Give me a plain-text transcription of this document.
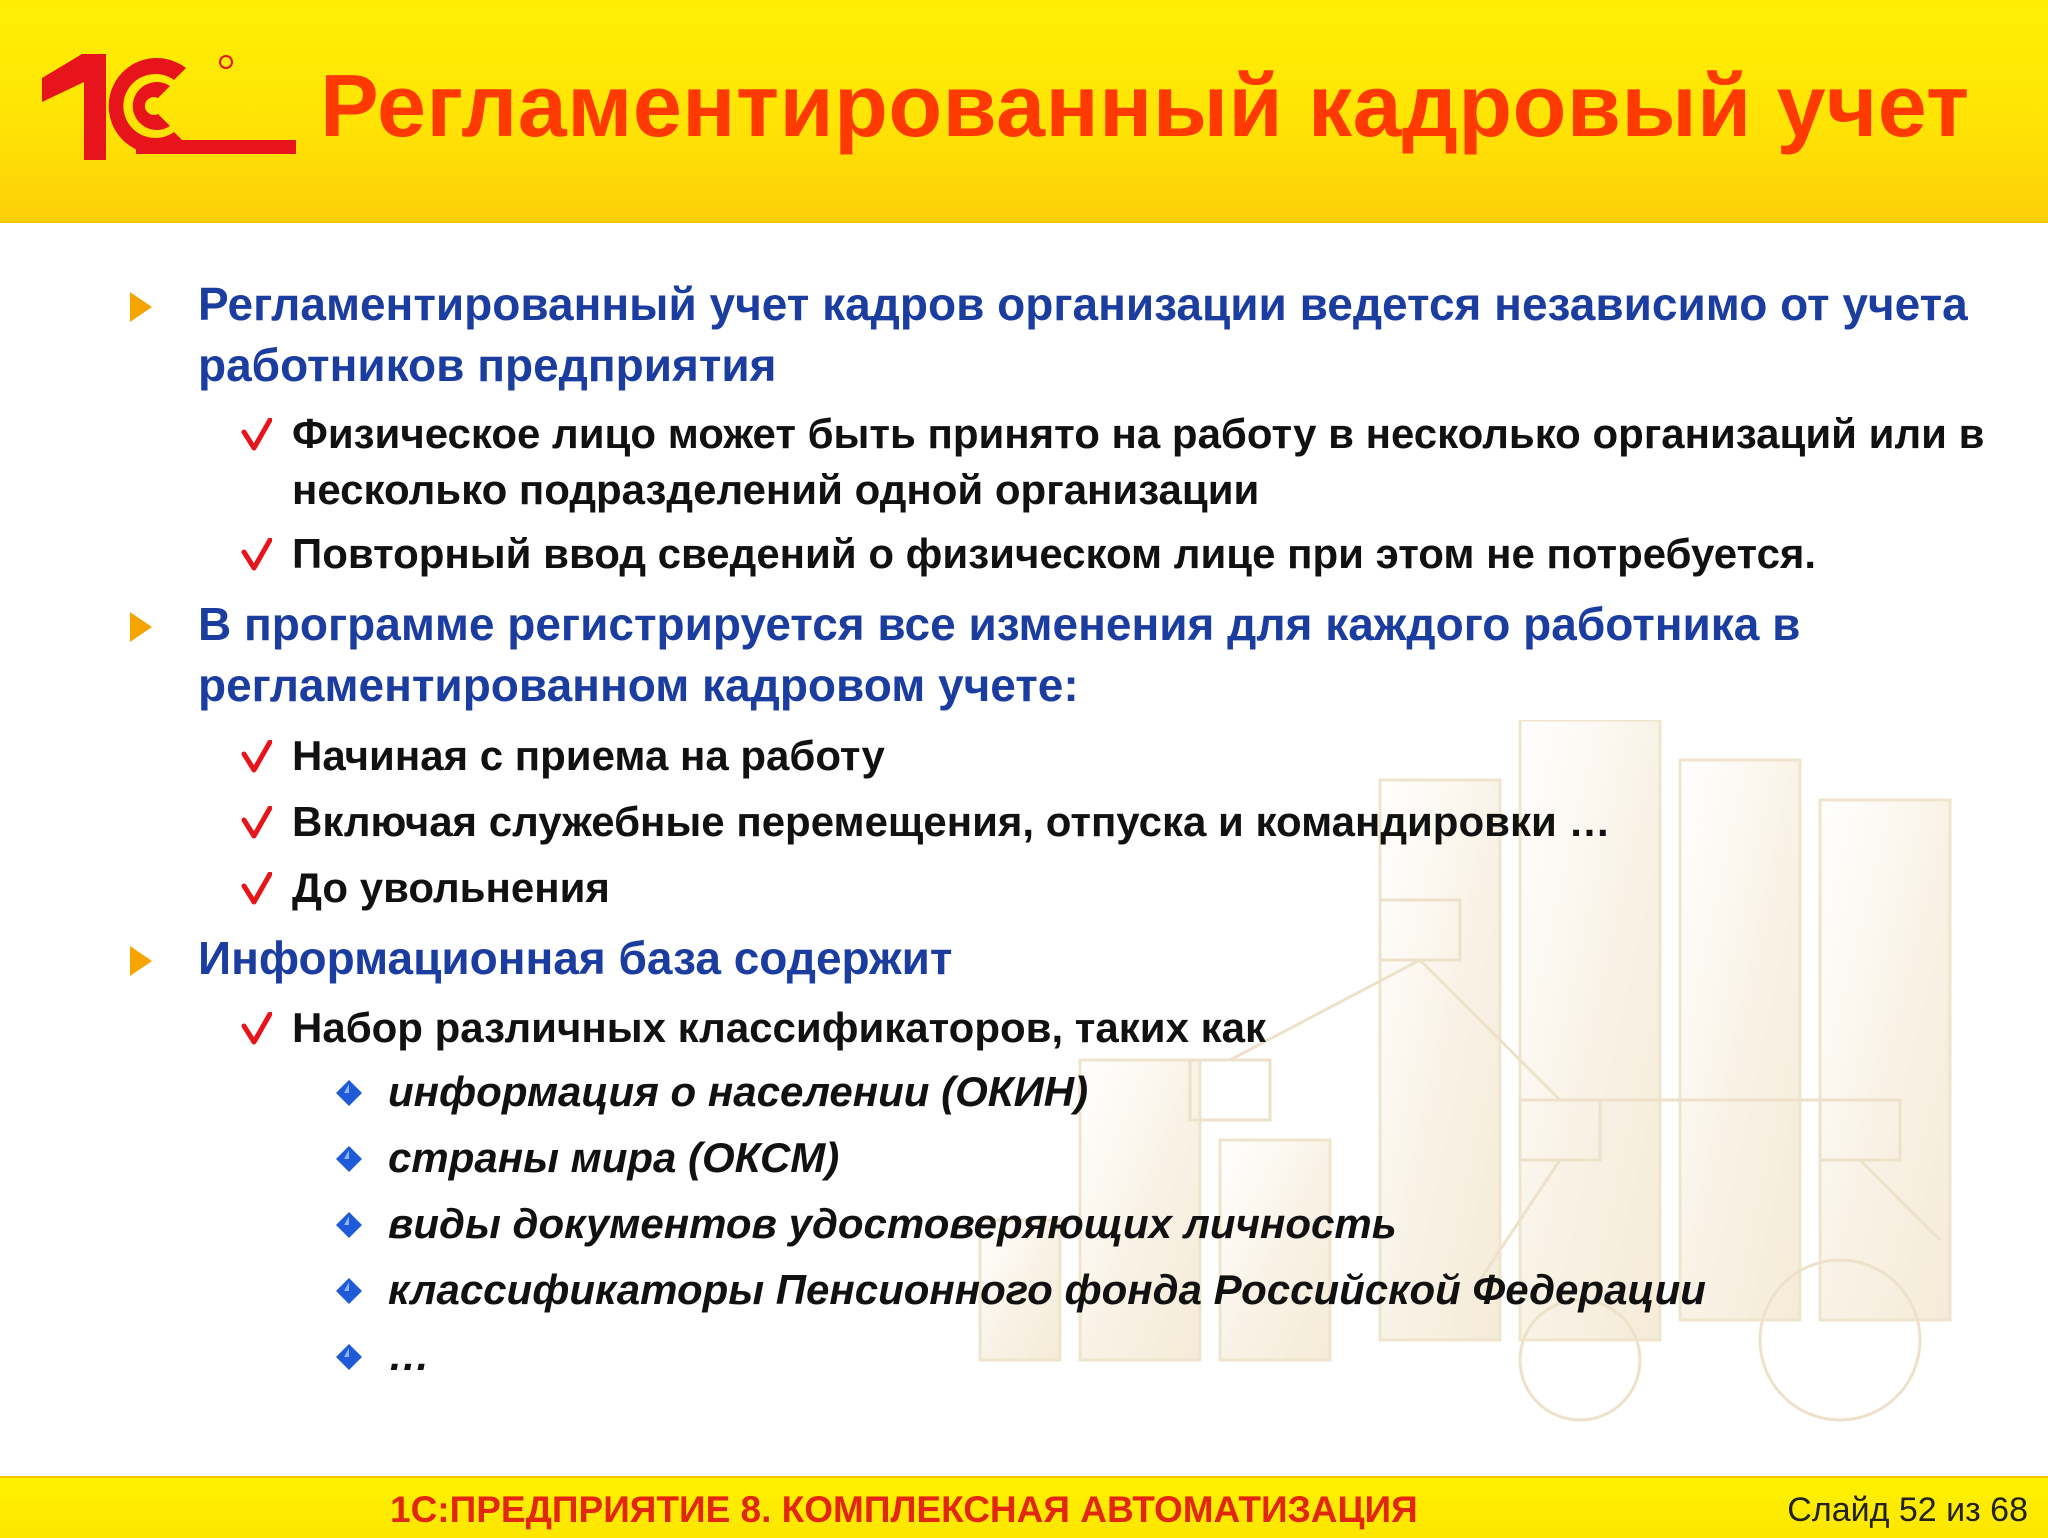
Регламентированный кадровый учет
Регламентированный учет кадров организации ведется независимо от учета работников предприятия
Физическое лицо может быть принято на работу в несколько организаций или в несколько подразделений одной организации
Повторный ввод сведений о физическом лице при этом не потребуется.
В программе регистрируется все изменения для каждого работника в регламентированном кадровом учете:
Начиная с приема на работу
Включая служебные перемещения, отпуска и командировки …
До увольнения
Информационная база содержит
Набор различных классификаторов, таких как
информация о населении (ОКИН)
страны мира (ОКСМ)
виды документов удостоверяющих личность
классификаторы Пенсионного фонда Российской Федерации
…
1С:ПРЕДПРИЯТИЕ 8. КОМПЛЕКСНАЯ АВТОМАТИЗАЦИЯ	Слайд 52 из 68
